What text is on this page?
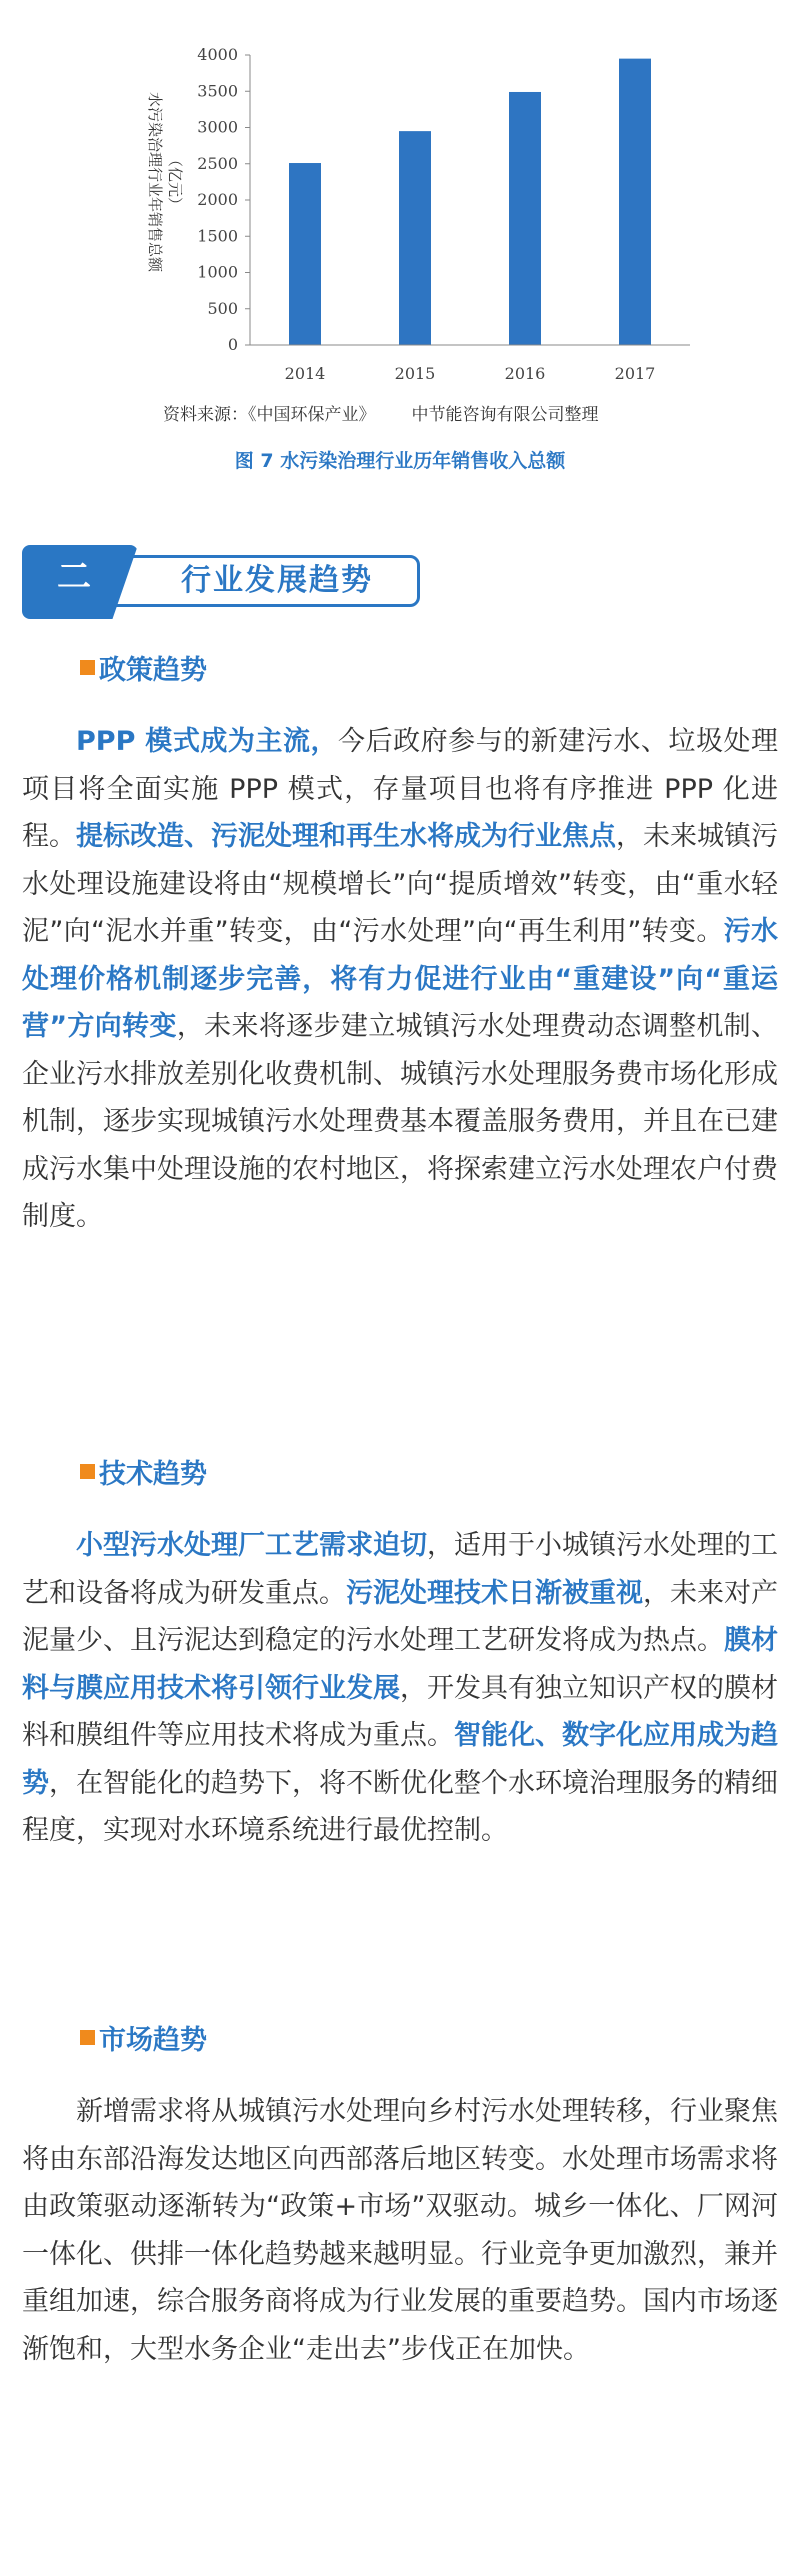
0
500
1000
1500
2000
2500
3000
3500
4000
2014	2015	2016	2017
水污染治理行业年销售总额 （亿元）
资料来源：《中国环保产业》 中节能咨询有限公司整理
图 7 水污染治理行业历年销售收入总额
二	行业发展趋势
政策趋势

PPP 模式成为主流，今后政府参与的新建污水、垃圾处理项目将全面实施 PPP 模式，存量项目也将有序推进 PPP 化进程。提标改造、污泥处理和再生水将成为行业焦点，未来城镇污水处理设施建设将由“规模增长”向“提质增效”转变，由“重水轻泥”向“泥水并重”转变，由“污水处理”向“再生利用”转变。污水处理价格机制逐步完善，将有力促进行业由“重建设”向“重运营”方向转变，未来将逐步建立城镇污水处理费动态调整机制、企业污水排放差别化收费机制、城镇污水处理服务费市场化形成机制，逐步实现城镇污水处理费基本覆盖服务费用，并且在已建成污水集中处理设施的农村地区，将探索建立污水处理农户付费制度。

技术趋势

小型污水处理厂工艺需求迫切，适用于小城镇污水处理的工艺和设备将成为研发重点。污泥处理技术日渐被重视，未来对产泥量少、且污泥达到稳定的污水处理工艺研发将成为热点。膜材料与膜应用技术将引领行业发展，开发具有独立知识产权的膜材料和膜组件等应用技术将成为重点。智能化、数字化应用成为趋势，在智能化的趋势下，将不断优化整个水环境治理服务的精细程度，实现对水环境系统进行最优控制。

市场趋势

新增需求将从城镇污水处理向乡村污水处理转移，行业聚焦将由东部沿海发达地区向西部落后地区转变。水处理市场需求将由政策驱动逐渐转为“政策+市场”双驱动。城乡一体化、厂网河一体化、供排一体化趋势越来越明显。行业竞争更加激烈，兼并重组加速，综合服务商将成为行业发展的重要趋势。国内市场逐渐饱和，大型水务企业“走出去”步伐正在加快。
